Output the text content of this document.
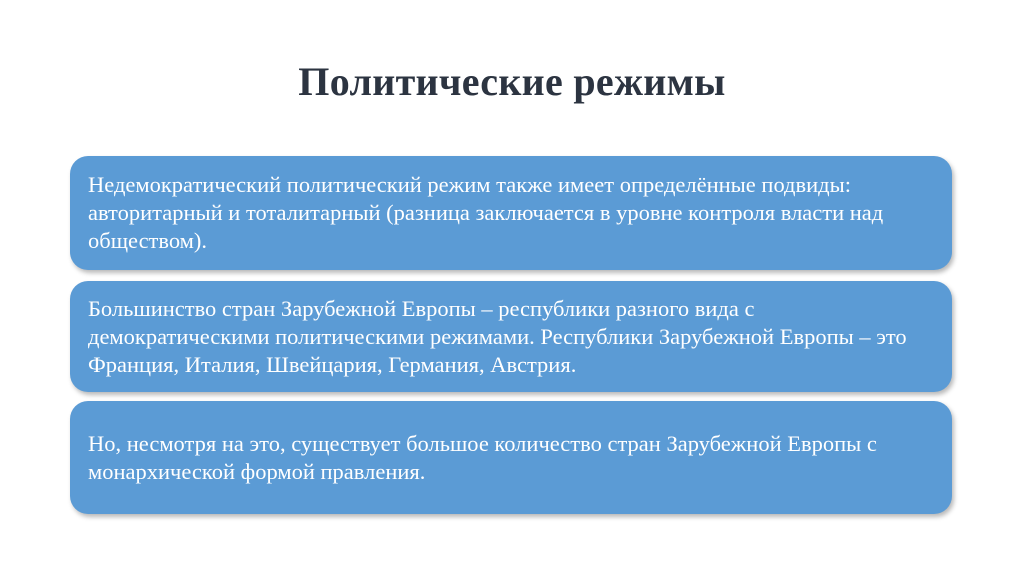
Политические режимы
Недемократический политический режим также имеет определённые подвиды: авторитарный и тоталитарный (разница заключается в уровне контроля власти над обществом).
Большинство стран Зарубежной Европы – республики разного вида с демократическими политическими режимами. Республики Зарубежной Европы – это Франция, Италия, Швейцария, Германия, Австрия.
Но, несмотря на это, существует большое количество стран Зарубежной Европы с монархической формой правления.
